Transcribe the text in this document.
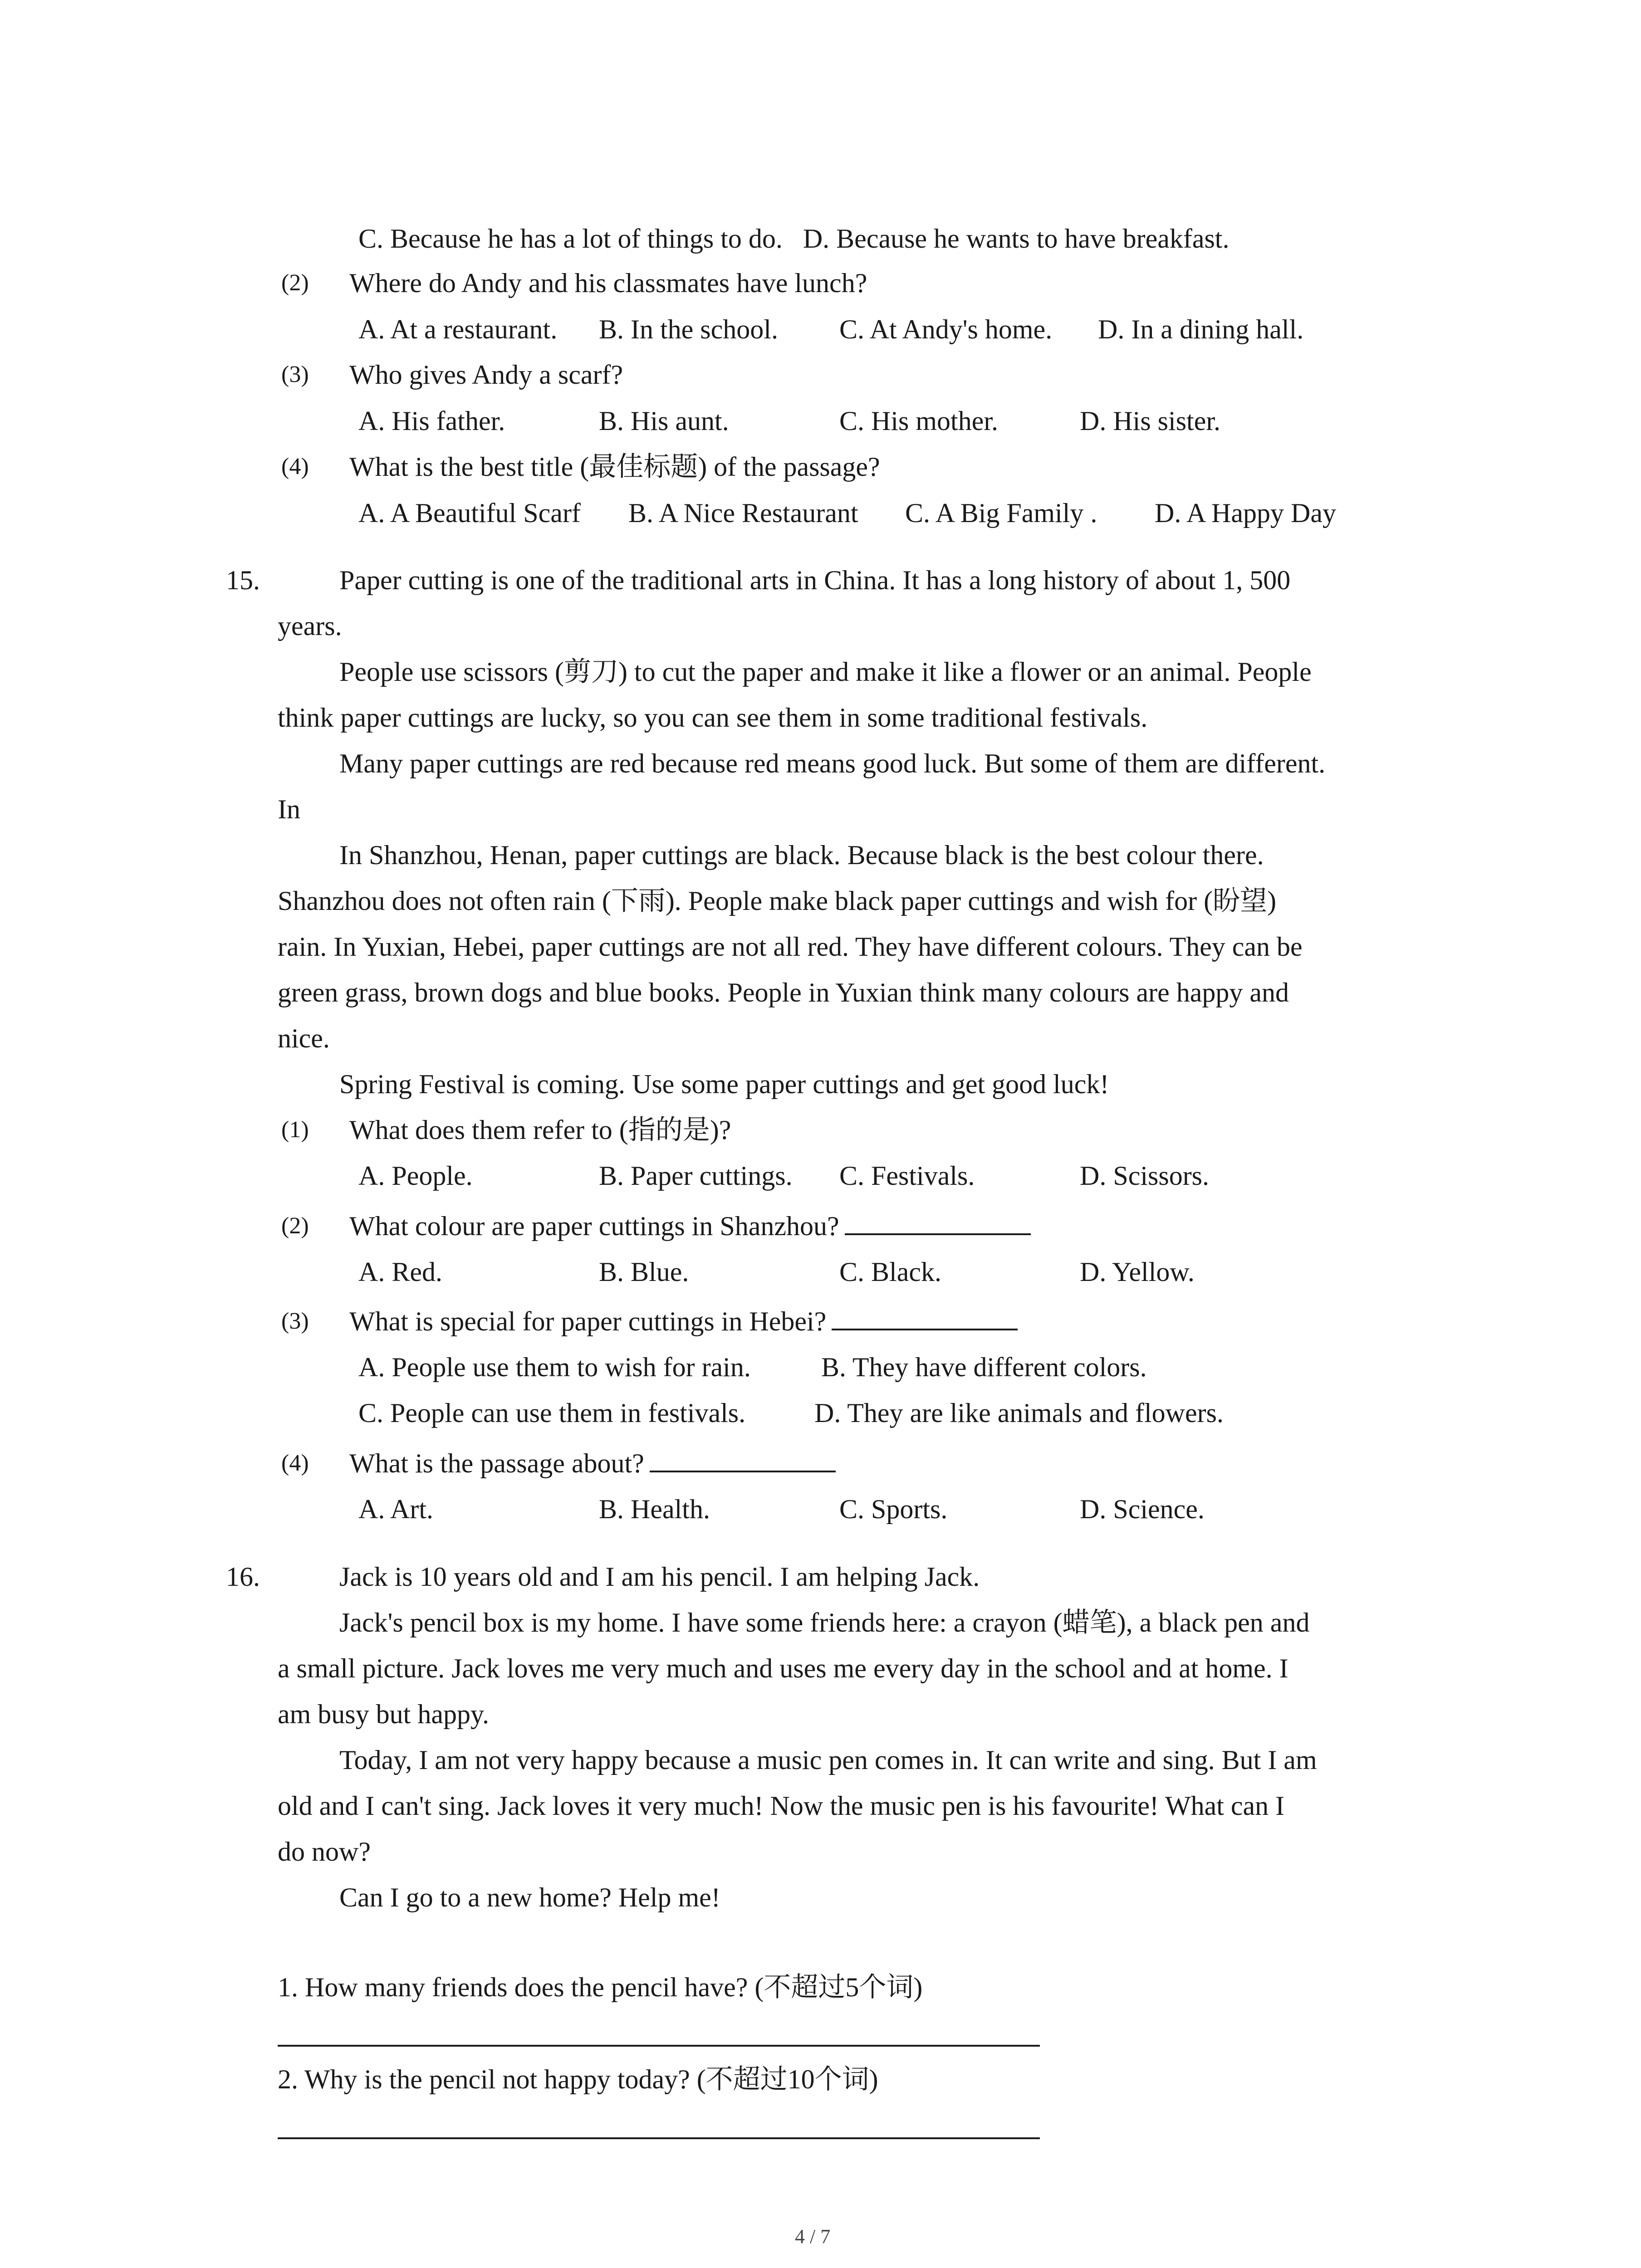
C. Because he has a lot of things to do.   D. Because he wants to have breakfast.
(2) Where do Andy and his classmates have lunch?
A. At a restaurant. B. In the school. C. At Andy's home. D. In a dining hall.
(3) Who gives Andy a scarf?
A. His father.	B. His aunt.	C. His mother.	D. His sister.
(4) What is the best title (最佳标题) of the passage?
A. A Beautiful Scarf B. A Nice Restaurant C. A Big Family . D. A Happy Day
15.	Paper cutting is one of the traditional arts in China. It has a long history of about 1, 500
years.
People use scissors (剪刀) to cut the paper and make it like a flower or an animal. People
think paper cuttings are lucky, so you can see them in some traditional festivals.
Many paper cuttings are red because red means good luck. But some of them are different.
In
In Shanzhou, Henan, paper cuttings are black. Because black is the best colour there.
Shanzhou does not often rain (下雨). People make black paper cuttings and wish for (盼望)
rain. In Yuxian, Hebei, paper cuttings are not all red. They have different colours. They can be
green grass, brown dogs and blue books. People in Yuxian think many colours are happy and
nice.
Spring Festival is coming. Use some paper cuttings and get good luck!
(1) What does them refer to (指的是)?
A. People.	B. Paper cuttings. C. Festivals.	D. Scissors.
(2) What colour are paper cuttings in Shanzhou?
A. Red.	B. Blue.	C. Black.	D. Yellow.
(3) What is special for paper cuttings in Hebei?
A. People use them to wish for rain.	B. They have different colors.
C. People can use them in festivals.	D. They are like animals and flowers.
(4) What is the passage about?
A. Art.	B. Health.	C. Sports.	D. Science.
16.	Jack is 10 years old and I am his pencil. I am helping Jack.
Jack's pencil box is my home. I have some friends here: a crayon (蜡笔), a black pen and
a small picture. Jack loves me very much and uses me every day in the school and at home. I
am busy but happy.
Today, I am not very happy because a music pen comes in. It can write and sing. But I am
old and I can't sing. Jack loves it very much! Now the music pen is his favourite! What can I
do now?
Can I go to a new home? Help me!
1. How many friends does the pencil have? (不超过5个词)
2. Why is the pencil not happy today? (不超过10个词)
4 / 7
